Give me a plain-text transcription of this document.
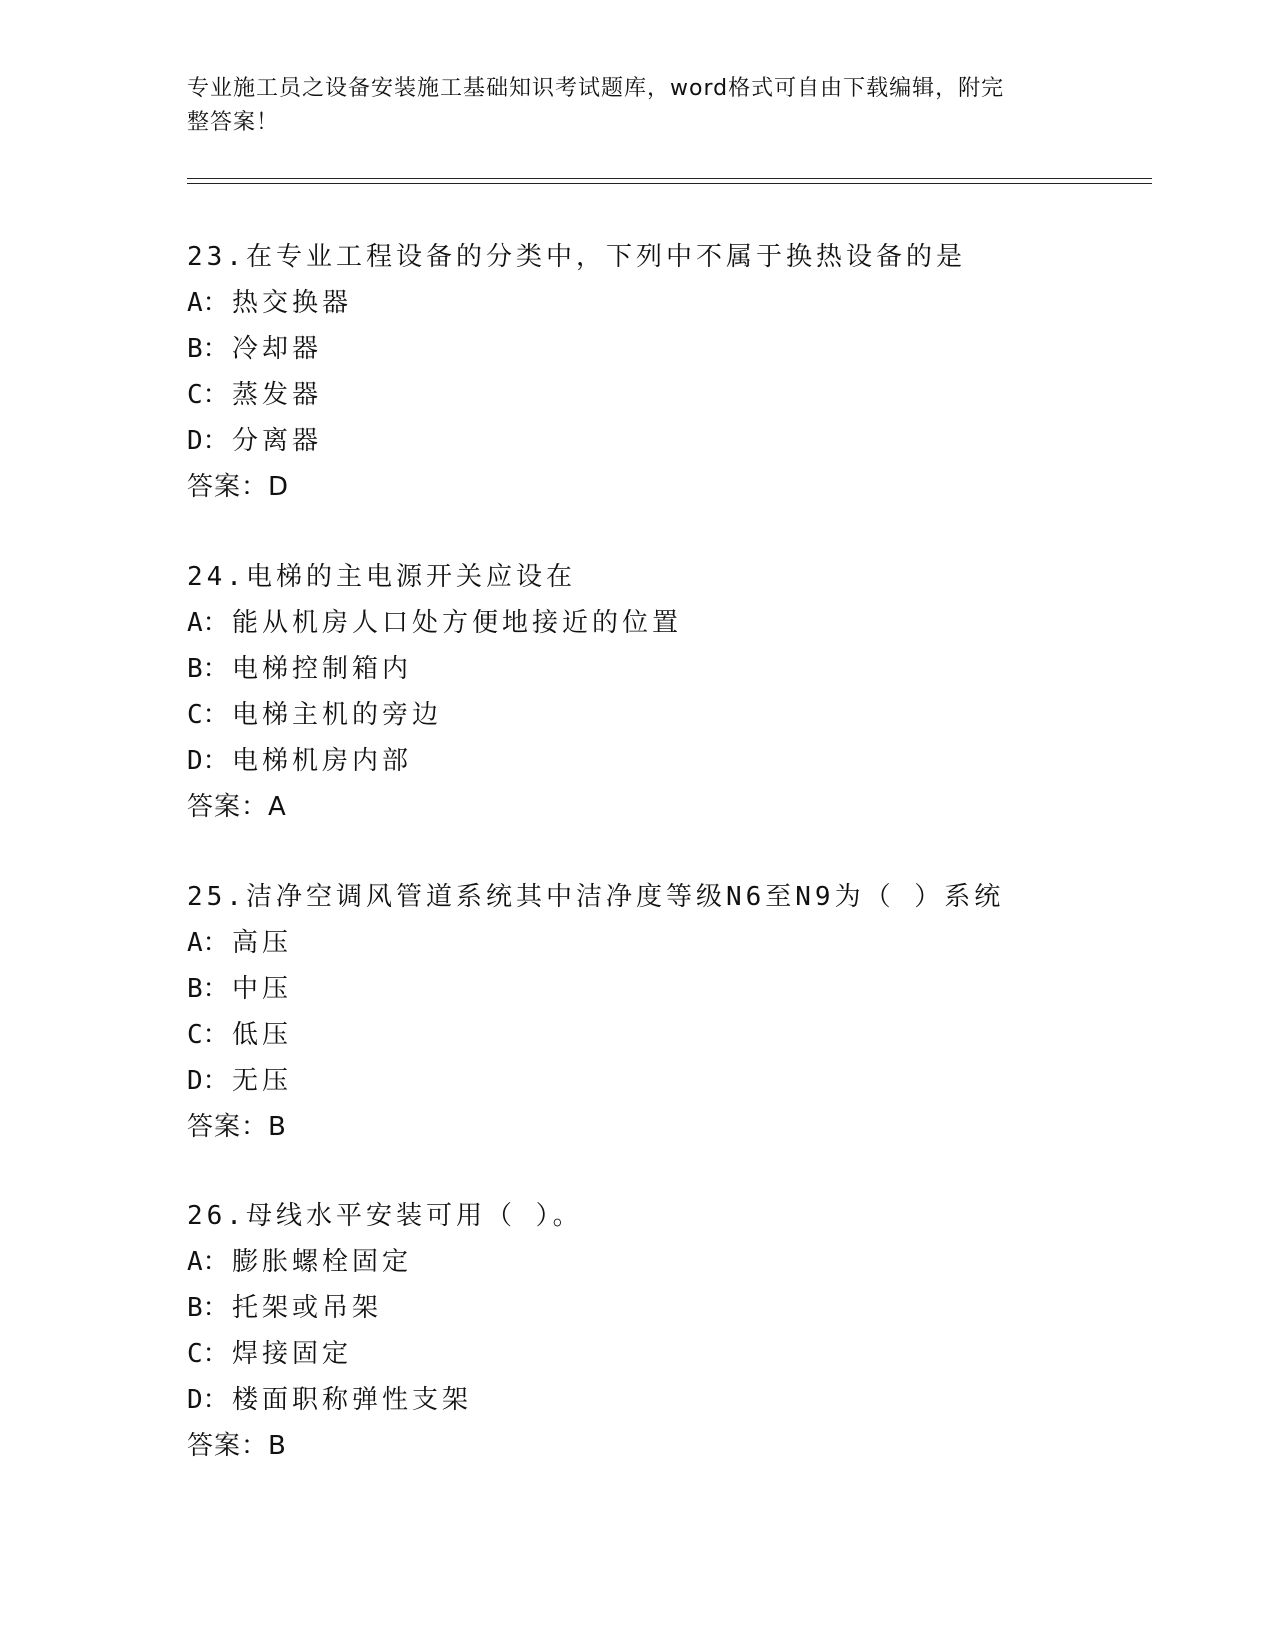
专业施工员之设备安装施工基础知识考试题库，word格式可自由下载编辑，附完
整答案！
23.在专业工程设备的分类中，下列中不属于换热设备的是
A： 热交换器
B： 冷却器
C： 蒸发器
D： 分离器
答案：D
24.电梯的主电源开关应设在
A： 能从机房人口处方便地接近的位置
B： 电梯控制箱内
C： 电梯主机的旁边
D： 电梯机房内部
答案：A
25.洁净空调风管道系统其中洁净度等级N6至N9为（ ）系统
A： 高压
B： 中压
C： 低压
D： 无压
答案：B
26.母线水平安装可用（ ）。
A： 膨胀螺栓固定
B： 托架或吊架
C： 焊接固定
D： 楼面职称弹性支架
答案：B
